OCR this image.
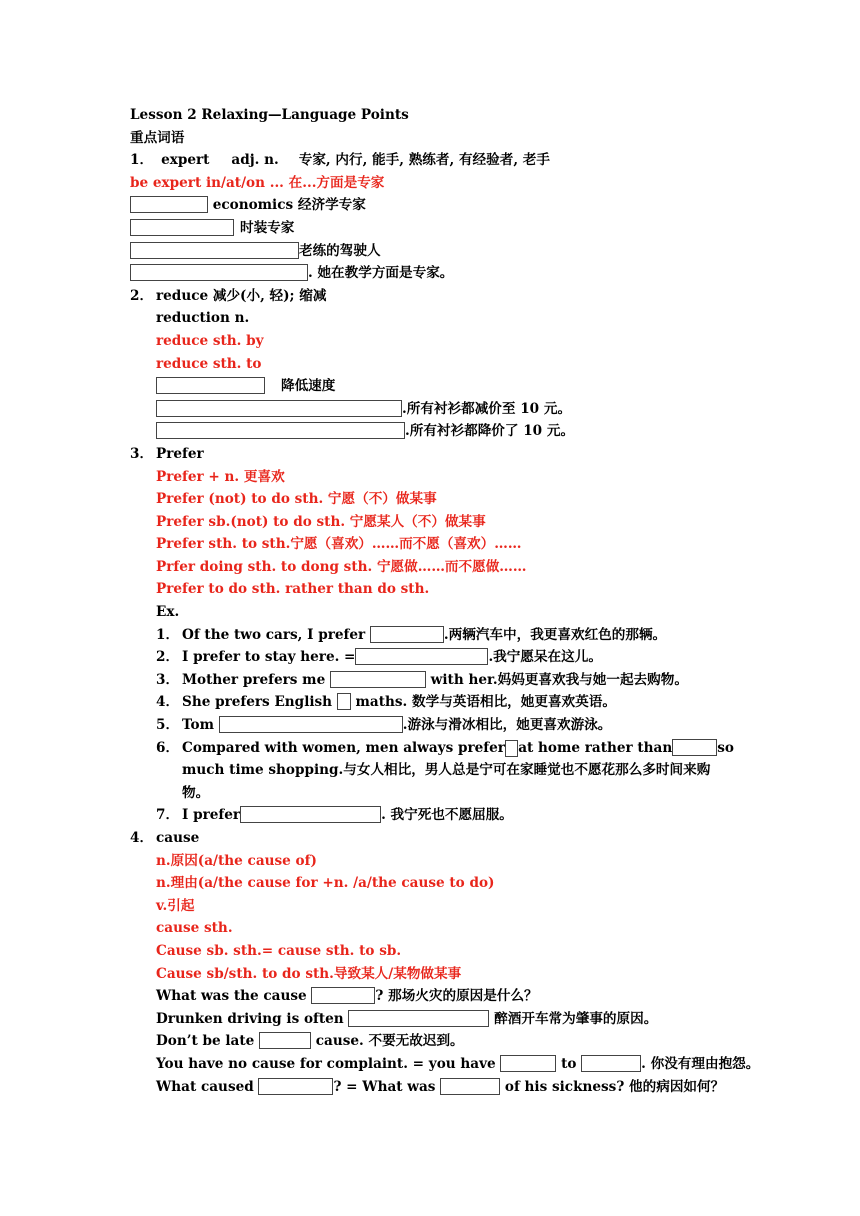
Lesson 2 Relaxing—Language Points
重点词语
1． expert adj. n. 专家, 内行, 能手, 熟练者, 有经验者, 老手
be expert in/at/on ... 在...方面是专家
economics 经济学专家
时装专家
老练的驾驶人
. 她在教学方面是专家。
2． reduce 减少(小, 轻); 缩减
reduction n.
reduce sth. by
reduce sth. to
降低速度
.所有衬衫都减价至 10 元。
.所有衬衫都降价了 10 元。
3． Prefer
Prefer + n. 更喜欢
Prefer (not) to do sth. 宁愿（不）做某事
Prefer sb.(not) to do sth. 宁愿某人（不）做某事
Prefer sth. to sth.宁愿（喜欢）……而不愿（喜欢）……
Prfer doing sth. to dong sth. 宁愿做……而不愿做……
Prefer to do sth. rather than do sth.
Ex.
1． Of the two cars, I prefer	.两辆汽车中，我更喜欢红色的那辆。
2． I prefer to stay here. =	.我宁愿呆在这儿。
3． Mother prefers me	with her.妈妈更喜欢我与她一起去购物。
4． She prefers English  maths. 数学与英语相比，她更喜欢英语。
5． Tom	.游泳与滑冰相比，她更喜欢游泳。
6． Compared with women, men always prefer at home rather than	so
much time shopping.与女人相比，男人总是宁可在家睡觉也不愿花那么多时间来购
物。
7． I prefer	. 我宁死也不愿屈服。
4． cause
n.原因(a/the cause of)
n.理由(a/the cause for +n. /a/the cause to do)
v.引起
cause sth.
Cause sb. sth.= cause sth. to sb.
Cause sb/sth. to do sth.导致某人/某物做某事
What was the cause	? 那场火灾的原因是什么？
Drunken driving is often	醉酒开车常为肇事的原因。
Don’t be late	cause. 不要无故迟到。
You have no cause for complaint. = you have	to	. 你没有理由抱怨。
What caused	? = What was	of his sickness? 他的病因如何？
